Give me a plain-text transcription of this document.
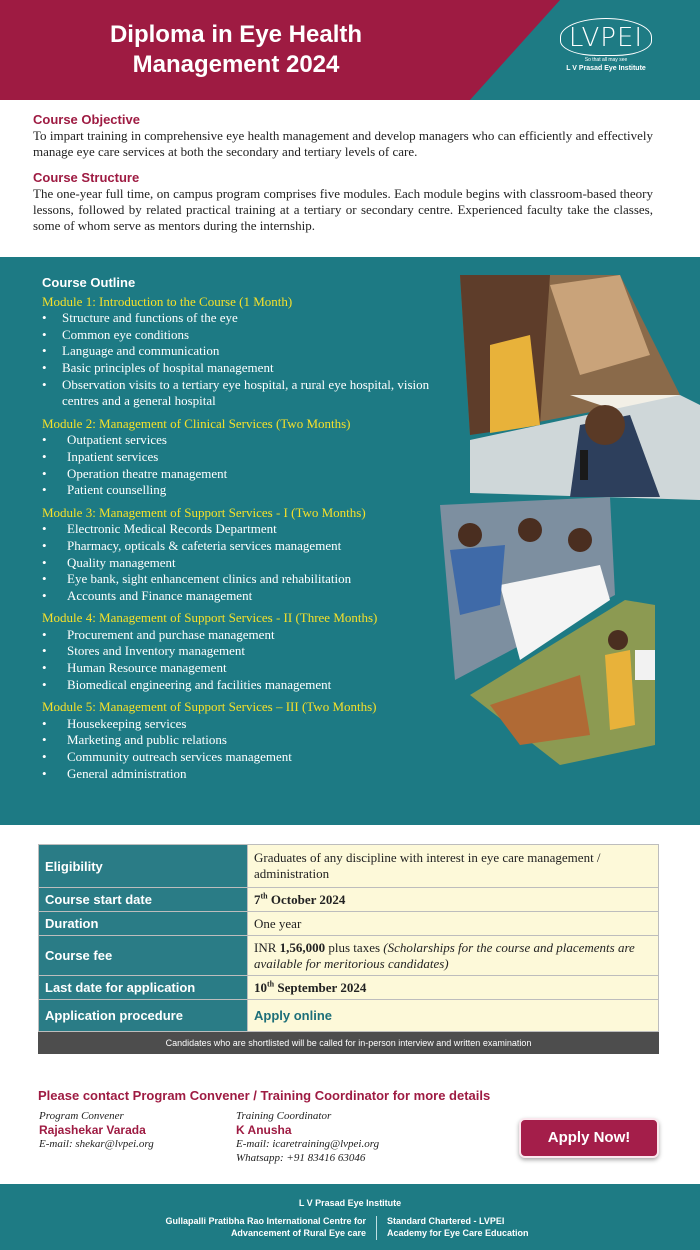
Diploma in Eye Health
Management 2024
LVPEI
So that all may see
L V Prasad Eye Institute
Course Objective

To impart training in comprehensive eye health management and develop managers who can efficiently and effectively manage eye care services at both the secondary and tertiary levels of care.

Course Structure

The one-year full time, on campus program comprises five modules. Each module begins with classroom-based theory lessons, followed by related practical training at a tertiary or secondary centre. Experienced faculty take the classes, some of whom serve as mentors during the internship.

Course Outline
Module 1: Introduction to the Course (1 Month)
• Structure and functions of the eye
• Common eye conditions
• Language and communication
• Basic principles of hospital management
• Observation visits to a tertiary eye hospital, a rural eye hospital, vision centres and a general hospital
Module 2: Management of Clinical Services (Two Months)
• Outpatient services
• Inpatient services
• Operation theatre management
• Patient counselling
Module 3: Management of Support Services - I (Two Months)
• Electronic Medical Records Department
• Pharmacy, opticals & cafeteria services management
• Quality management
• Eye bank, sight enhancement clinics and rehabilitation
• Accounts and Finance management
Module 4: Management of Support Services - II (Three Months)
• Procurement and purchase management
• Stores and Inventory management
• Human Resource management
• Biomedical engineering and facilities management
Module 5: Management of Support Services – III (Two Months)
• Housekeeping services
• Marketing and public relations
• Community outreach services management
• General administration
Eligibility	Graduates of any discipline with interest in eye care management / administration
Course start date	7th October 2024
Duration	One year
Course fee	INR 1,56,000 plus taxes (Scholarships for the course and placements are available for meritorious candidates)
Last date for application	10th September 2024
Application procedure	Apply online
Candidates who are shortlisted will be called for in-person interview and written examination
Please contact Program Convener / Training Coordinator for more details
Program Convener
Rajashekar Varada
E-mail: shekar@lvpei.org
Training Coordinator
K Anusha
E-mail: icaretraining@lvpei.org
Whatsapp: +91 83416 63046
Apply Now!
L V Prasad Eye Institute
Gullapalli Pratibha Rao International Centre for
Advancement of Rural Eye care
Standard Chartered - LVPEI
Academy for Eye Care Education
